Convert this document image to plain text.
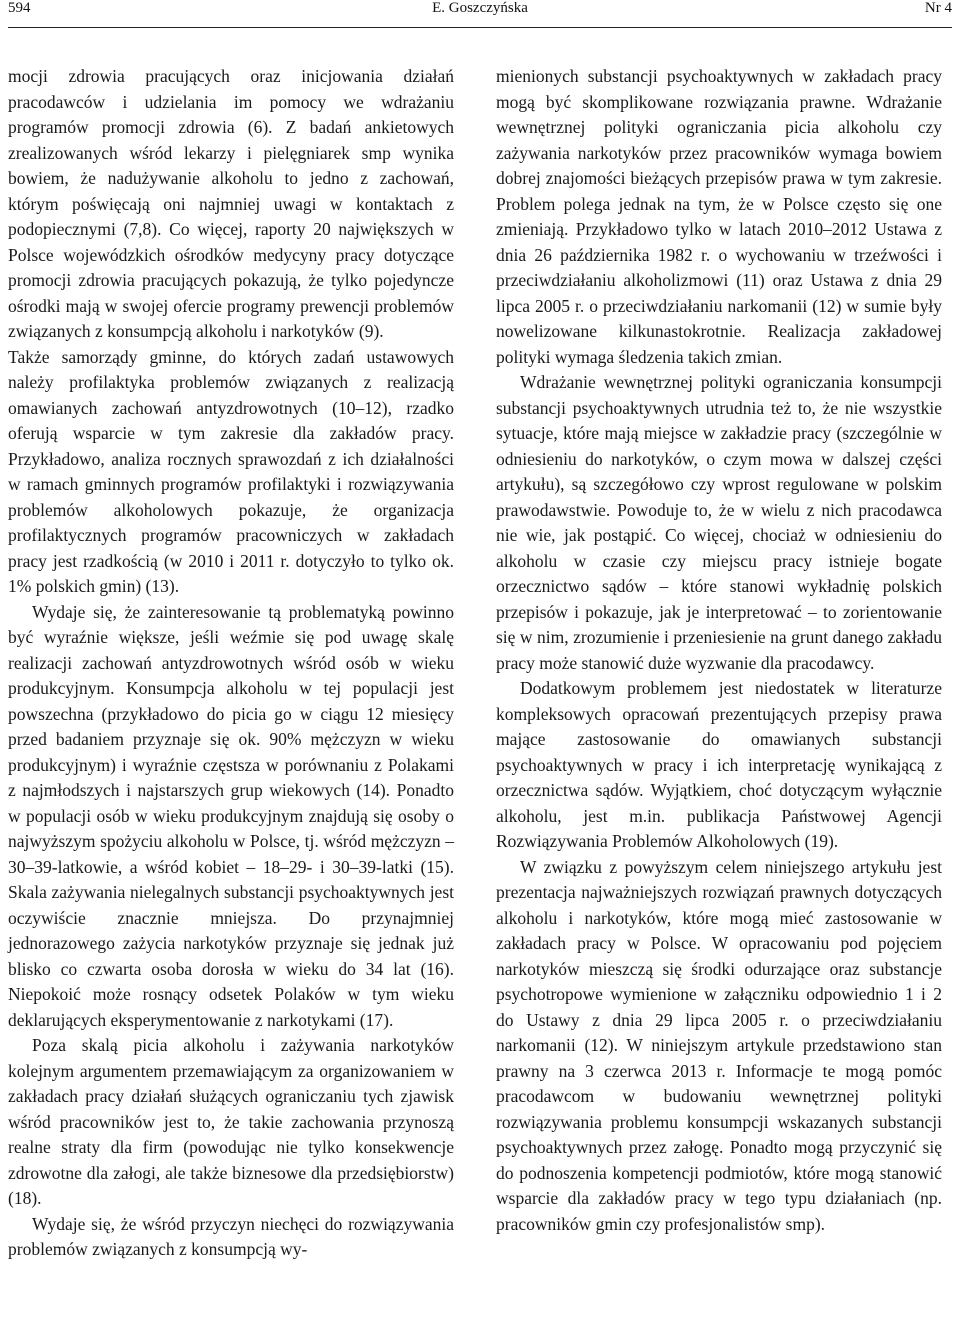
594	E. Goszczyńska	Nr 4

mocji zdrowia pracujących oraz inicjowania działań pracodawców i udzielania im pomocy we wdrażaniu programów promocji zdrowia (6). Z badań ankietowych zrealizowanych wśród lekarzy i pielęgniarek smp wynika bowiem, że nadużywanie alkoholu to jedno z zachowań, którym poświęcają oni najmniej uwagi w kontaktach z podopiecznymi (7,8). Co więcej, raporty 20 największych w Polsce wojewódzkich ośrodków medycyny pracy dotyczące promocji zdrowia pracujących pokazują, że tylko pojedyncze ośrodki mają w swojej ofercie programy prewencji problemów związanych z konsumpcją alkoholu i narkotyków (9).

Także samorządy gminne, do których zadań ustawowych należy profilaktyka problemów związanych z realizacją omawianych zachowań antyzdrowotnych (10–12), rzadko oferują wsparcie w tym zakresie dla zakładów pracy. Przykładowo, analiza rocznych sprawozdań z ich działalności w ramach gminnych programów profilaktyki i rozwiązywania problemów alkoholowych pokazuje, że organizacja profilaktycznych programów pracowniczych w zakładach pracy jest rzadkością (w 2010 i 2011 r. dotyczyło to tylko ok. 1% polskich gmin) (13).

Wydaje się, że zainteresowanie tą problematyką powinno być wyraźnie większe, jeśli weźmie się pod uwagę skalę realizacji zachowań antyzdrowotnych wśród osób w wieku produkcyjnym. Konsumpcja alkoholu w tej populacji jest powszechna (przykładowo do picia go w ciągu 12 miesięcy przed badaniem przyznaje się ok. 90% mężczyzn w wieku produkcyjnym) i wyraźnie częstsza w porównaniu z Polakami z najmłodszych i najstarszych grup wiekowych (14). Ponadto w populacji osób w wieku produkcyjnym znajdują się osoby o najwyższym spożyciu alkoholu w Polsce, tj. wśród mężczyzn – 30–39-latkowie, a wśród kobiet – 18–29- i 30–39-latki (15). Skala zażywania nielegalnych substancji psychoaktywnych jest oczywiście znacznie mniejsza. Do przynajmniej jednorazowego zażycia narkotyków przyznaje się jednak już blisko co czwarta osoba dorosła w wieku do 34 lat (16). Niepokoić może rosnący odsetek Polaków w tym wieku deklarujących eksperymentowanie z narkotykami (17).

Poza skalą picia alkoholu i zażywania narkotyków kolejnym argumentem przemawiającym za organizowaniem w zakładach pracy działań służących ograniczaniu tych zjawisk wśród pracowników jest to, że takie zachowania przynoszą realne straty dla firm (powodując nie tylko konsekwencje zdrowotne dla załogi, ale także biznesowe dla przedsiębiorstw) (18).

Wydaje się, że wśród przyczyn niechęci do rozwiązywania problemów związanych z konsumpcją wy-

mienionych substancji psychoaktywnych w zakładach pracy mogą być skomplikowane rozwiązania prawne. Wdrażanie wewnętrznej polityki ograniczania picia alkoholu czy zażywania narkotyków przez pracowników wymaga bowiem dobrej znajomości bieżących przepisów prawa w tym zakresie. Problem polega jednak na tym, że w Polsce często się one zmieniają. Przykładowo tylko w latach 2010–2012 Ustawa z dnia 26 października 1982 r. o wychowaniu w trzeźwości i przeciwdziałaniu alkoholizmowi (11) oraz Ustawa z dnia 29 lipca 2005 r. o przeciwdziałaniu narkomanii (12) w sumie były nowelizowane kilkunastokrotnie. Realizacja zakładowej polityki wymaga śledzenia takich zmian.

Wdrażanie wewnętrznej polityki ograniczania konsumpcji substancji psychoaktywnych utrudnia też to, że nie wszystkie sytuacje, które mają miejsce w zakładzie pracy (szczególnie w odniesieniu do narkotyków, o czym mowa w dalszej części artykułu), są szczegółowo czy wprost regulowane w polskim prawodawstwie. Powoduje to, że w wielu z nich pracodawca nie wie, jak postąpić. Co więcej, chociaż w odniesieniu do alkoholu w czasie czy miejscu pracy istnieje bogate orzecznictwo sądów – które stanowi wykładnię polskich przepisów i pokazuje, jak je interpretować – to zorientowanie się w nim, zrozumienie i przeniesienie na grunt danego zakładu pracy może stanowić duże wyzwanie dla pracodawcy.

Dodatkowym problemem jest niedostatek w literaturze kompleksowych opracowań prezentujących przepisy prawa mające zastosowanie do omawianych substancji psychoaktywnych w pracy i ich interpretację wynikającą z orzecznictwa sądów. Wyjątkiem, choć dotyczącym wyłącznie alkoholu, jest m.in. publikacja Państwowej Agencji Rozwiązywania Problemów Alkoholowych (19).

W związku z powyższym celem niniejszego artykułu jest prezentacja najważniejszych rozwiązań prawnych dotyczących alkoholu i narkotyków, które mogą mieć zastosowanie w zakładach pracy w Polsce. W opracowaniu pod pojęciem narkotyków mieszczą się środki odurzające oraz substancje psychotropowe wymienione w załączniku odpowiednio 1 i 2 do Ustawy z dnia 29 lipca 2005 r. o przeciwdziałaniu narkomanii (12). W niniejszym artykule przedstawiono stan prawny na 3 czerwca 2013 r. Informacje te mogą pomóc pracodawcom w budowaniu wewnętrznej polityki rozwiązywania problemu konsumpcji wskazanych substancji psychoaktywnych przez załogę. Ponadto mogą przyczynić się do podnoszenia kompetencji podmiotów, które mogą stanowić wsparcie dla zakładów pracy w tego typu działaniach (np. pracowników gmin czy profesjonalistów smp).
